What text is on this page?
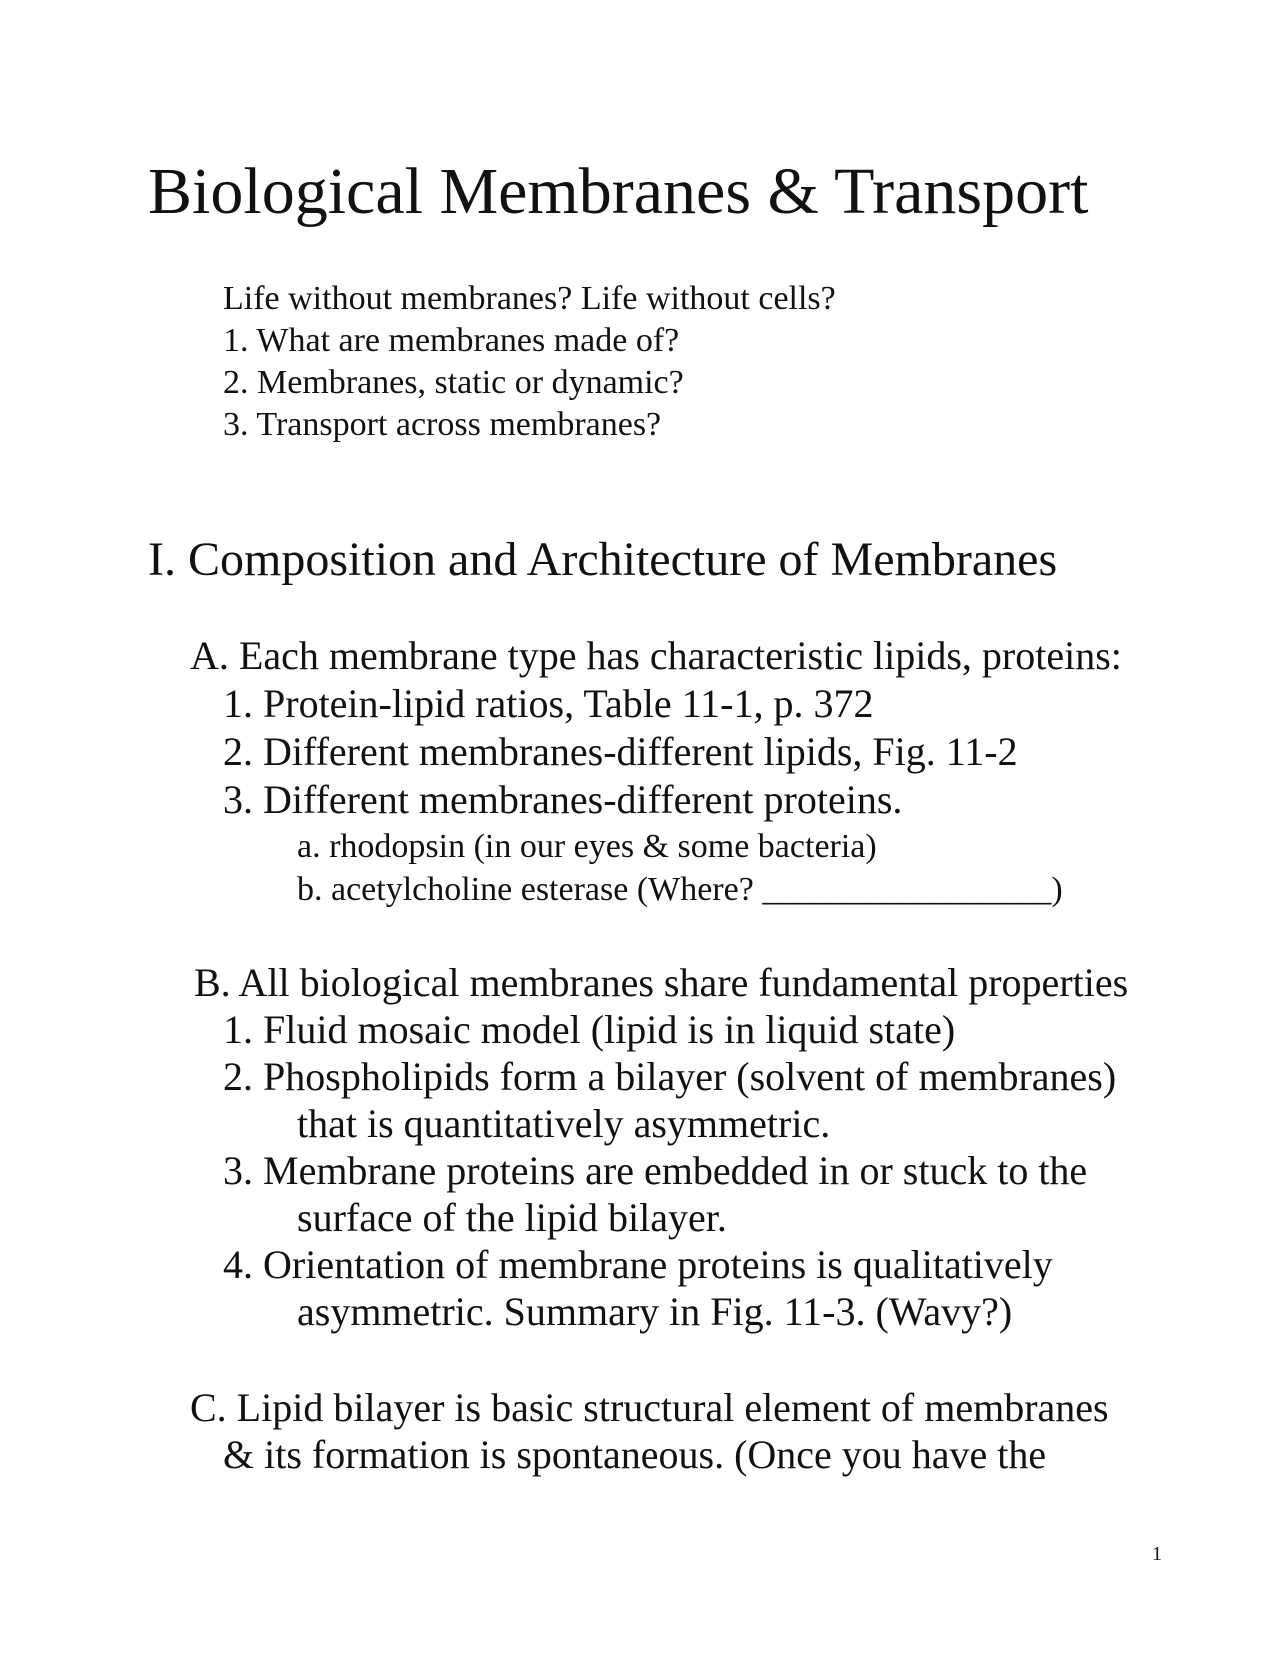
Biological Membranes & Transport
Life without membranes? Life without cells?
1. What are membranes made of?
2. Membranes, static or dynamic?
3. Transport across membranes?
I. Composition and Architecture of Membranes
A. Each membrane type has characteristic lipids, proteins:
1. Protein-lipid ratios, Table 11-1, p. 372
2. Different membranes-different lipids, Fig. 11-2
3. Different membranes-different proteins.
a. rhodopsin (in our eyes & some bacteria)
b. acetylcholine esterase (Where? _________________)
B. All biological membranes share fundamental properties
1. Fluid mosaic model (lipid is in liquid state)
2. Phospholipids form a bilayer (solvent of membranes)
that is quantitatively asymmetric.
3. Membrane proteins are embedded in or stuck to the
surface of the lipid bilayer.
4. Orientation of membrane proteins is qualitatively
asymmetric. Summary in Fig. 11-3. (Wavy?)
C. Lipid bilayer is basic structural element of membranes
& its formation is spontaneous. (Once you have the
1
